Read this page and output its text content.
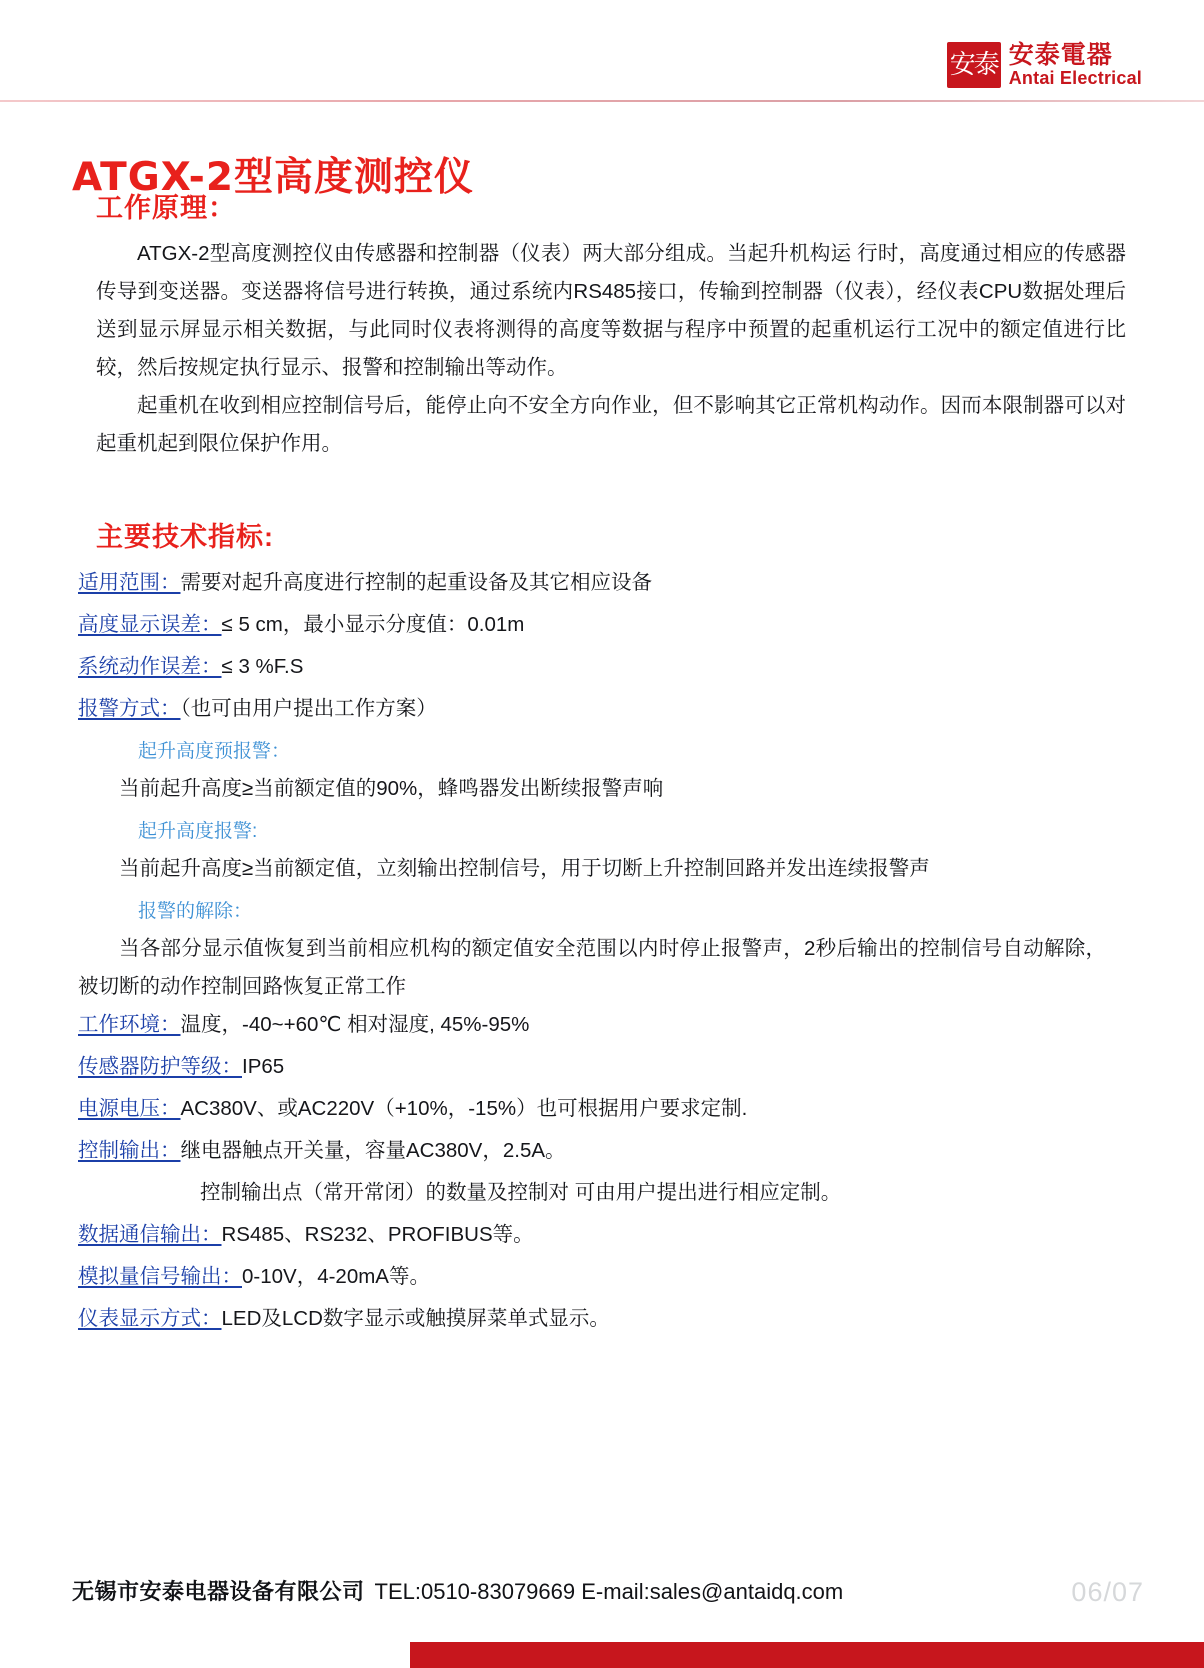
安泰 安泰電器
Antai Electrical
ATGX-2型高度测控仪
工作原理：

ATGX-2型高度测控仪由传感器和控制器（仪表）两大部分组成。当起升机构运 行时，高度通过相应的传感器传导到变送器。变送器将信号进行转换，通过系统内RS485接口，传输到控制器（仪表），经仪表CPU数据处理后送到显示屏显示相关数据，与此同时仪表将测得的高度等数据与程序中预置的起重机运行工况中的额定值进行比较，然后按规定执行显示、报警和控制输出等动作。

起重机在收到相应控制信号后，能停止向不安全方向作业，但不影响其它正常机构动作。因而本限制器可以对起重机起到限位保护作用。

主要技术指标:
适用范围：需要对起升高度进行控制的起重设备及其它相应设备
高度显示误差：≤ 5 cm，最小显示分度值：0.01m
系统动作误差：≤ 3 %F.S
报警方式：（也可由用户提出工作方案）
起升高度预报警：

当前起升高度≥当前额定值的90%，蜂鸣器发出断续报警声响

起升高度报警:

当前起升高度≥当前额定值，立刻输出控制信号，用于切断上升控制回路并发出连续报警声

报警的解除：

当各部分显示值恢复到当前相应机构的额定值安全范围以内时停止报警声，2秒后输出的控制信号自动解除，被切断的动作控制回路恢复正常工作

工作环境：温度，-40~+60℃ 相对湿度, 45%-95%
传感器防护等级：IP65
电源电压：AC380V、或AC220V（+10%，-15%）也可根据用户要求定制.
控制输出：继电器触点开关量，容量AC380V，2.5A。
控制输出点（常开常闭）的数量及控制对 可由用户提出进行相应定制。
数据通信输出：RS485、RS232、PROFIBUS等。
模拟量信号输出：0-10V，4-20mA等。
仪表显示方式：LED及LCD数字显示或触摸屏菜单式显示。
无锡市安泰电器设备有限公司 TEL:0510-83079669 E-mail:sales@antaidq.com	06/07
